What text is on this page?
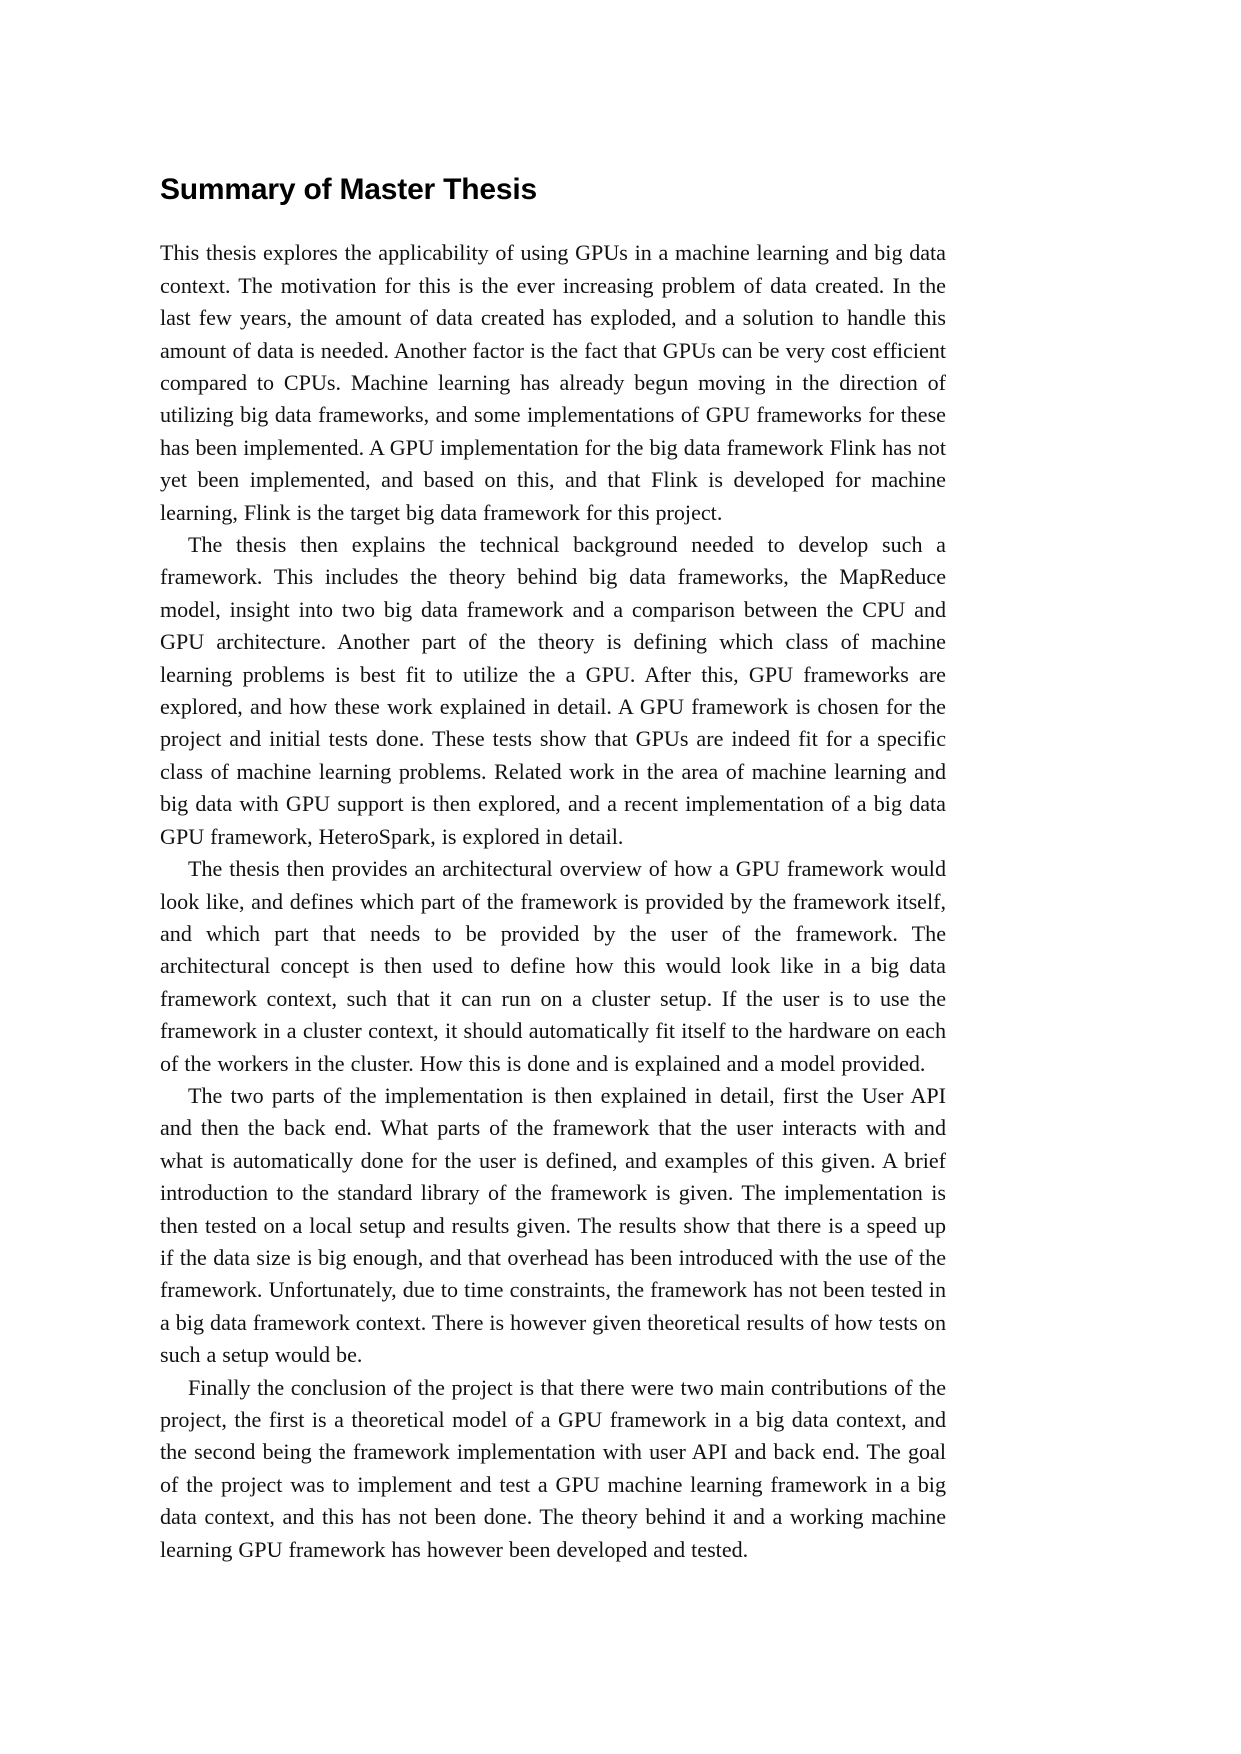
Summary of Master Thesis

This thesis explores the applicability of using GPUs in a machine learning and big data context. The motivation for this is the ever increasing problem of data created. In the last few years, the amount of data created has exploded, and a solution to handle this amount of data is needed. Another factor is the fact that GPUs can be very cost efficient compared to CPUs. Machine learning has already begun moving in the direction of utilizing big data frameworks, and some implementations of GPU frameworks for these has been implemented. A GPU implementation for the big data framework Flink has not yet been implemented, and based on this, and that Flink is developed for machine learning, Flink is the target big data framework for this project.

The thesis then explains the technical background needed to develop such a framework. This includes the theory behind big data frameworks, the MapReduce model, insight into two big data framework and a comparison between the CPU and GPU architecture. Another part of the theory is defining which class of machine learning problems is best fit to utilize the a GPU. After this, GPU frameworks are explored, and how these work explained in detail. A GPU framework is chosen for the project and initial tests done. These tests show that GPUs are indeed fit for a specific class of machine learning problems. Related work in the area of machine learning and big data with GPU support is then explored, and a recent implementation of a big data GPU framework, HeteroSpark, is explored in detail.

The thesis then provides an architectural overview of how a GPU framework would look like, and defines which part of the framework is provided by the framework itself, and which part that needs to be provided by the user of the framework. The architectural concept is then used to define how this would look like in a big data framework context, such that it can run on a cluster setup. If the user is to use the framework in a cluster context, it should automatically fit itself to the hardware on each of the workers in the cluster. How this is done and is explained and a model provided.

The two parts of the implementation is then explained in detail, first the User API and then the back end. What parts of the framework that the user interacts with and what is automatically done for the user is defined, and examples of this given. A brief introduction to the standard library of the framework is given. The implementation is then tested on a local setup and results given. The results show that there is a speed up if the data size is big enough, and that overhead has been introduced with the use of the framework. Unfortunately, due to time constraints, the framework has not been tested in a big data framework context. There is however given theoretical results of how tests on such a setup would be.

Finally the conclusion of the project is that there were two main contributions of the project, the first is a theoretical model of a GPU framework in a big data context, and the second being the framework implementation with user API and back end. The goal of the project was to implement and test a GPU machine learning framework in a big data context, and this has not been done. The theory behind it and a working machine learning GPU framework has however been developed and tested.
